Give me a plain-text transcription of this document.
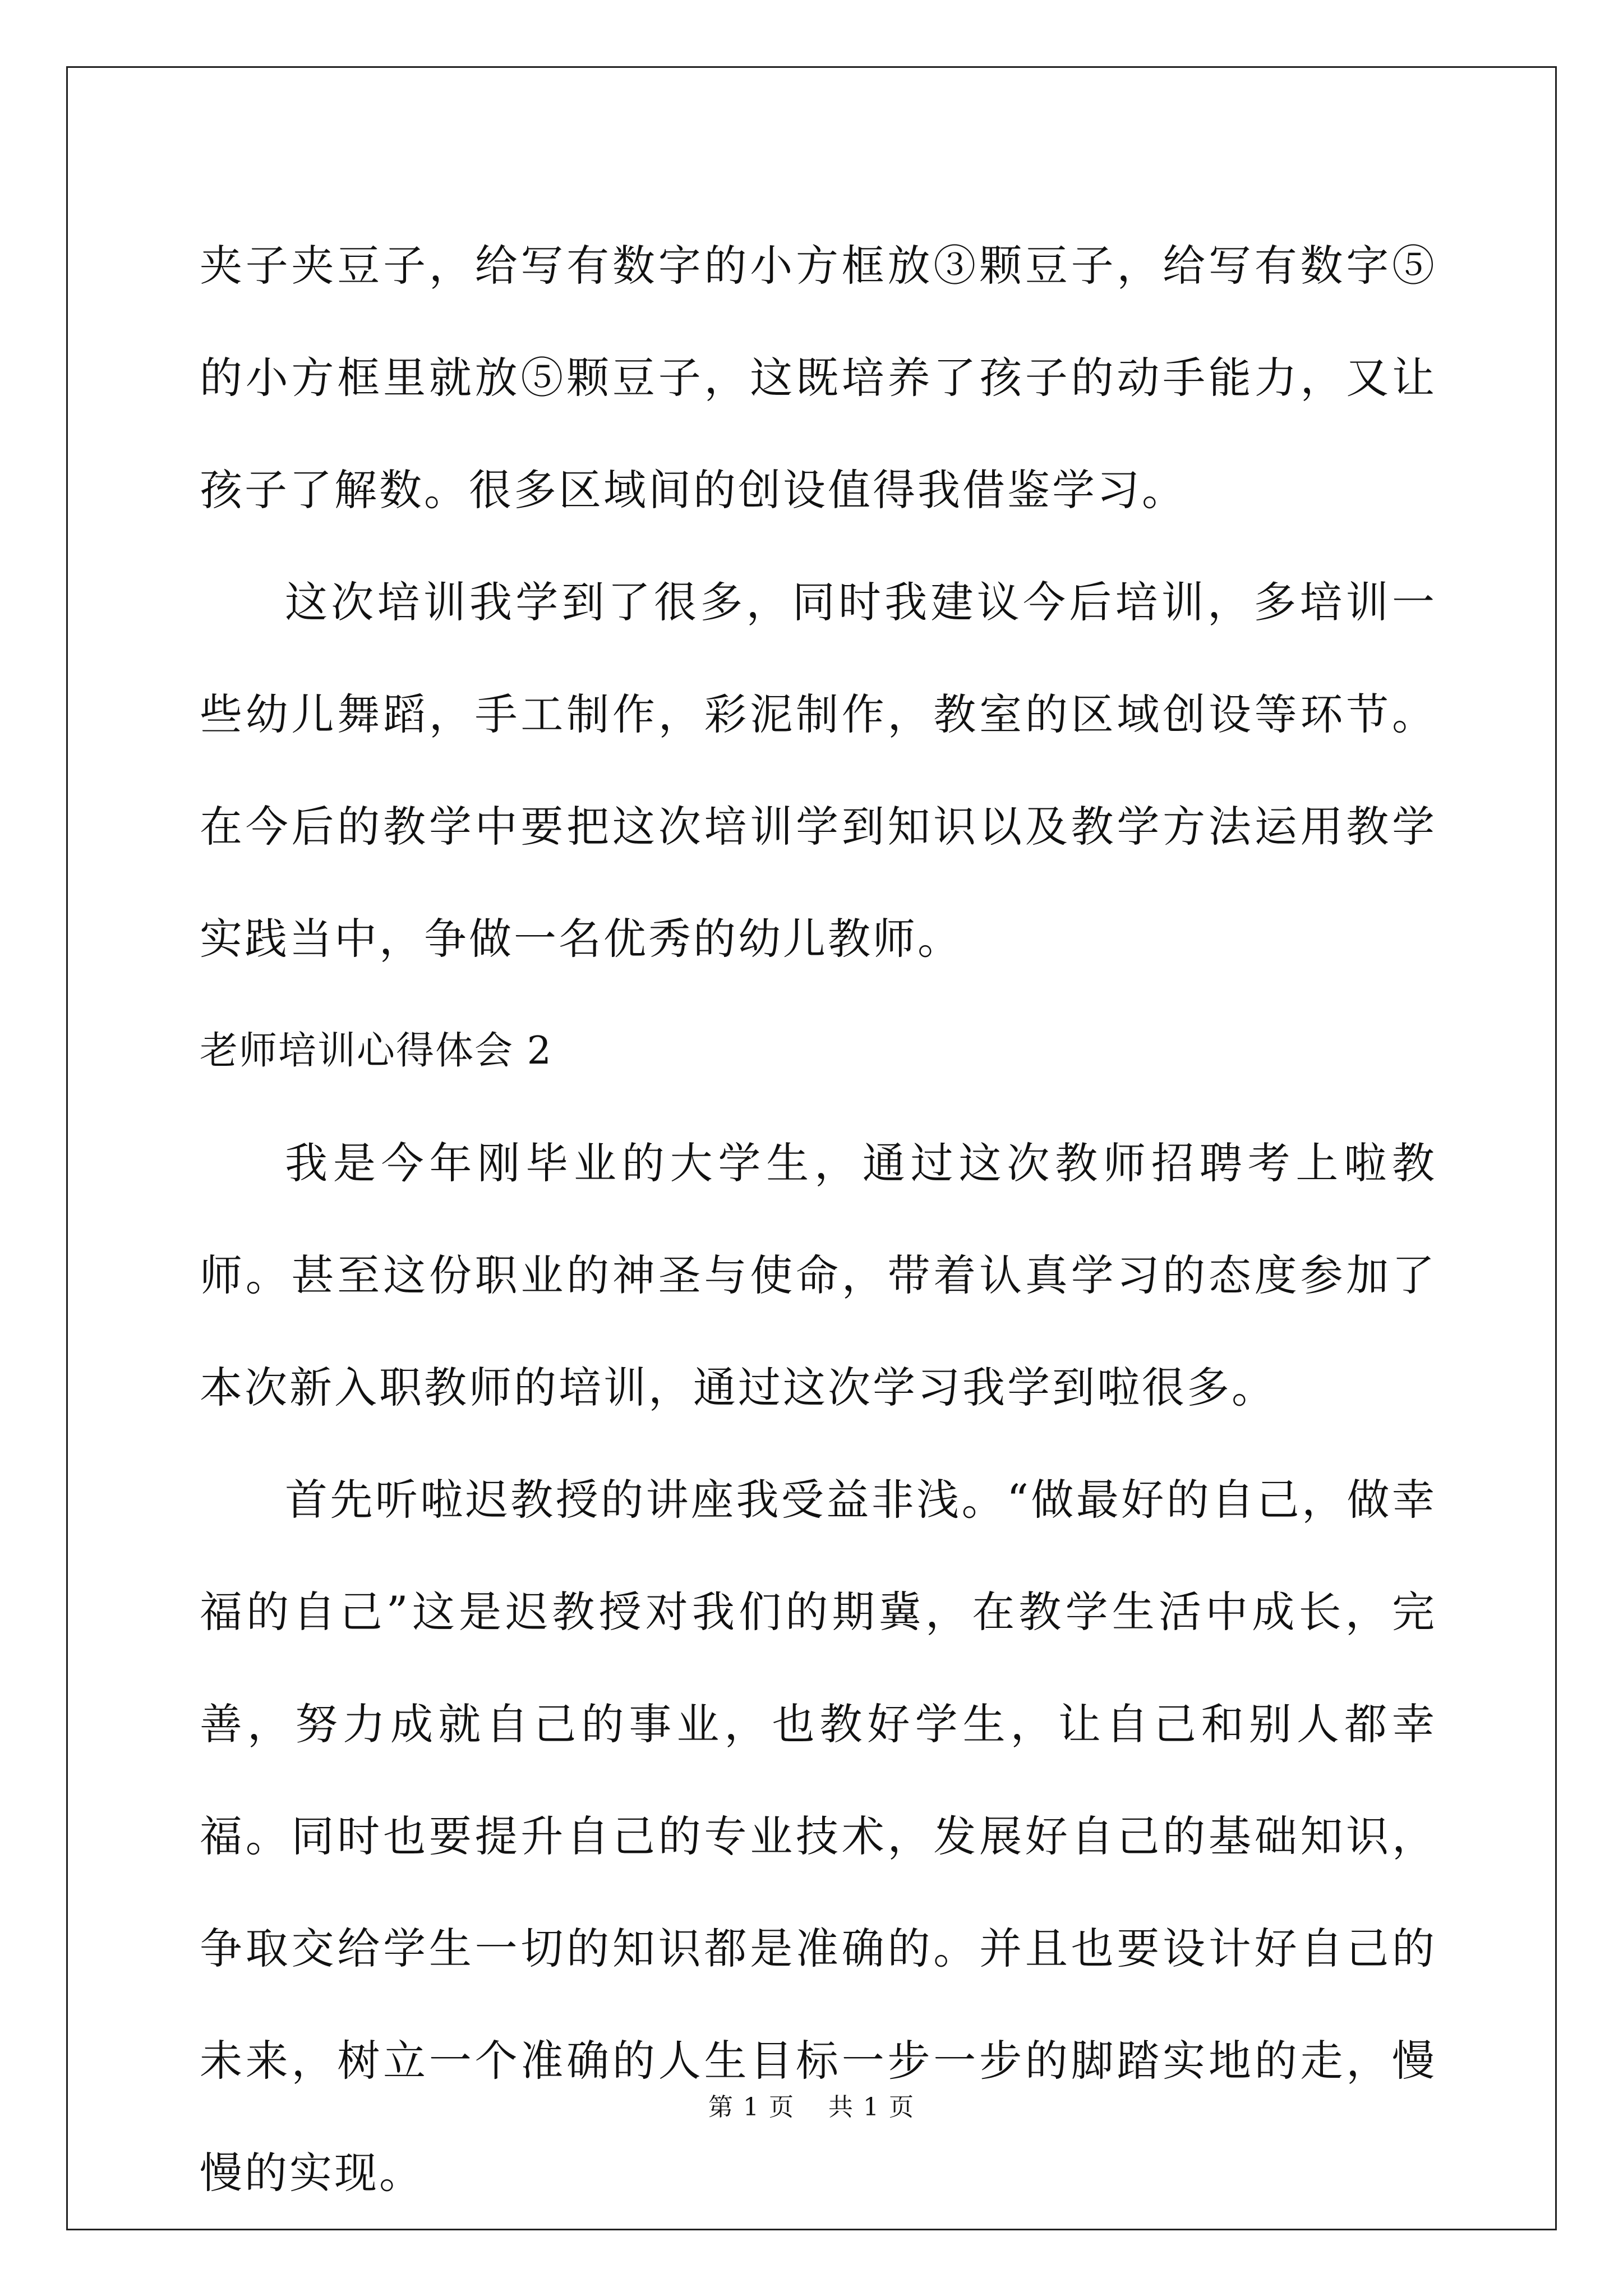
夹子夹豆子，给写有数字的小方框放③颗豆子，给写有数字⑤的小方框里就放⑤颗豆子，这既培养了孩子的动手能力，又让孩子了解数。很多区域间的创设值得我借鉴学习。

这次培训我学到了很多，同时我建议今后培训，多培训一些幼儿舞蹈，手工制作，彩泥制作，教室的区域创设等环节。在今后的教学中要把这次培训学到知识以及教学方法运用教学实践当中，争做一名优秀的幼儿教师。

老师培训心得体会 2

我是今年刚毕业的大学生，通过这次教师招聘考上啦教师。甚至这份职业的神圣与使命，带着认真学习的态度参加了本次新入职教师的培训，通过这次学习我学到啦很多。

首先听啦迟教授的讲座我受益非浅。“做最好的自己，做幸福的自己”这是迟教授对我们的期冀，在教学生活中成长，完善，努力成就自己的事业，也教好学生，让自己和别人都幸福。同时也要提升自己的专业技术，发展好自己的基础知识，争取交给学生一切的知识都是准确的。并且也要设计好自己的未来，树立一个准确的人生目标一步一步的脚踏实地的走，慢慢的实现。

第 1 页 共 1 页
